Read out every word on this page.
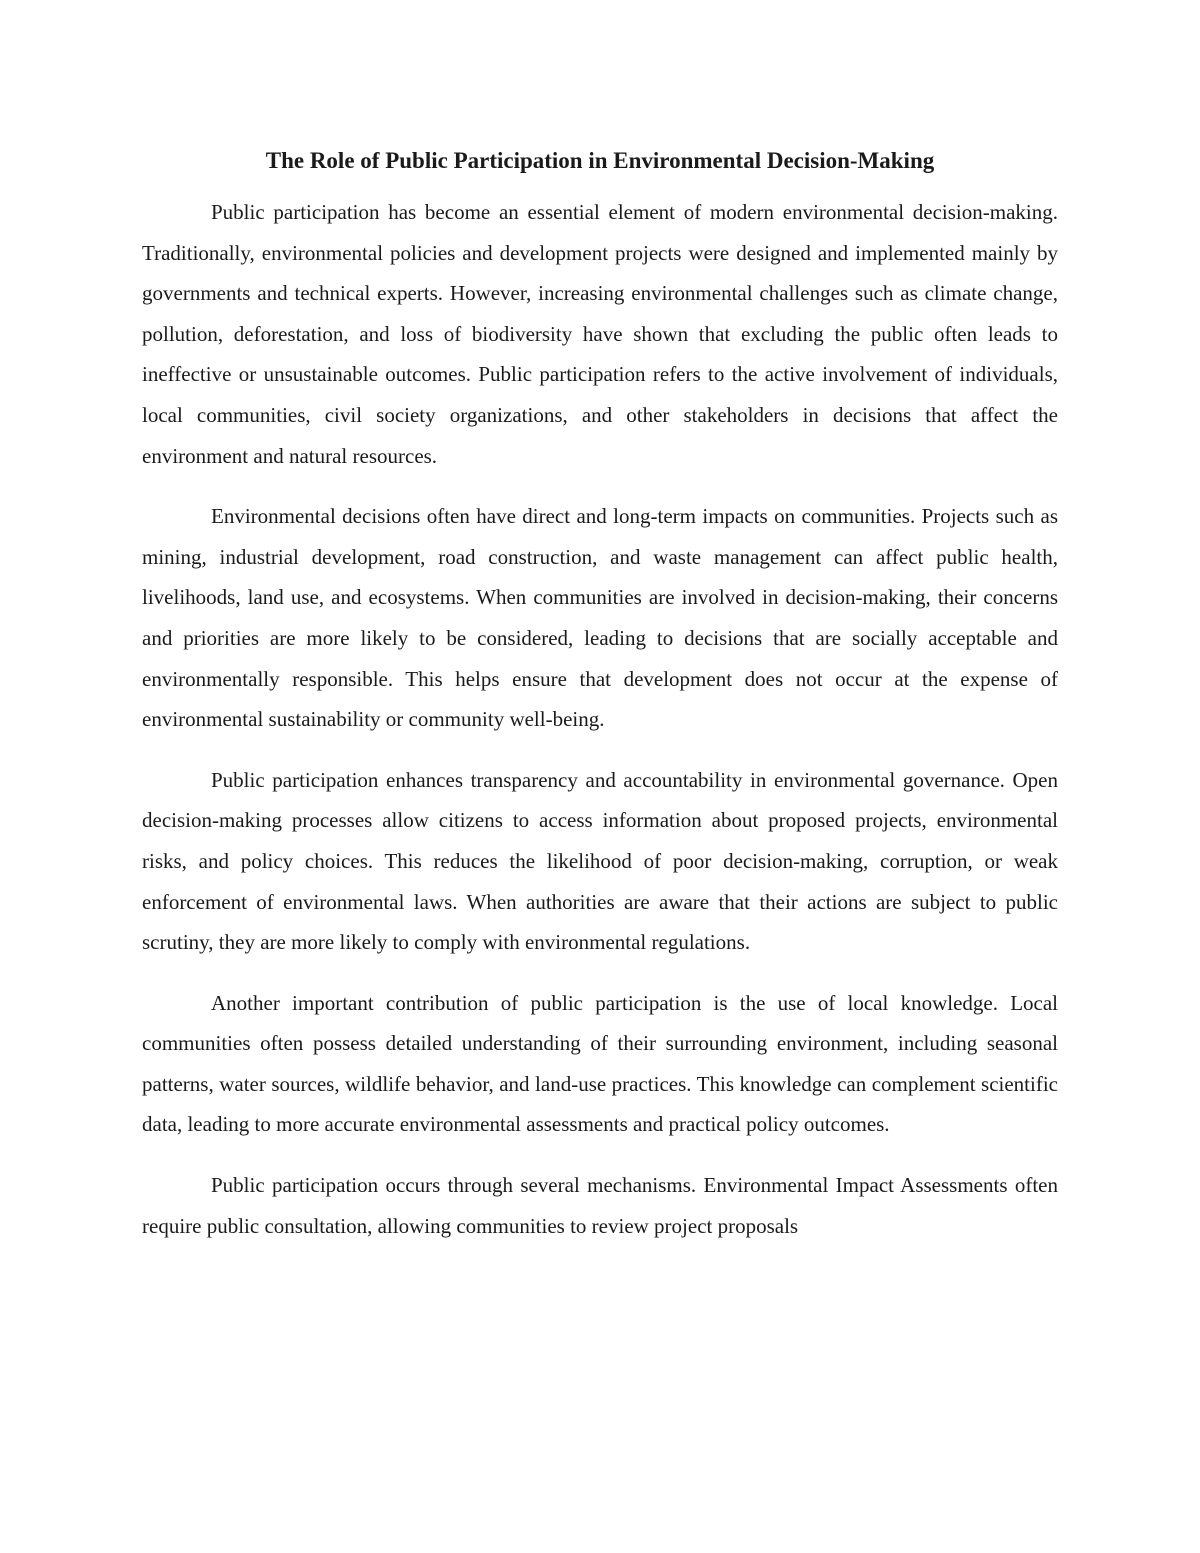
The Role of Public Participation in Environmental Decision-Making

Public participation has become an essential element of modern environmental decision-making. Traditionally, environmental policies and development projects were designed and implemented mainly by governments and technical experts. However, increasing environmental challenges such as climate change, pollution, deforestation, and loss of biodiversity have shown that excluding the public often leads to ineffective or unsustainable outcomes. Public participation refers to the active involvement of individuals, local communities, civil society organizations, and other stakeholders in decisions that affect the environment and natural resources.

Environmental decisions often have direct and long-term impacts on communities. Projects such as mining, industrial development, road construction, and waste management can affect public health, livelihoods, land use, and ecosystems. When communities are involved in decision-making, their concerns and priorities are more likely to be considered, leading to decisions that are socially acceptable and environmentally responsible. This helps ensure that development does not occur at the expense of environmental sustainability or community well-being.

Public participation enhances transparency and accountability in environmental governance. Open decision-making processes allow citizens to access information about proposed projects, environmental risks, and policy choices. This reduces the likelihood of poor decision-making, corruption, or weak enforcement of environmental laws. When authorities are aware that their actions are subject to public scrutiny, they are more likely to comply with environmental regulations.

Another important contribution of public participation is the use of local knowledge. Local communities often possess detailed understanding of their surrounding environment, including seasonal patterns, water sources, wildlife behavior, and land-use practices. This knowledge can complement scientific data, leading to more accurate environmental assessments and practical policy outcomes.

Public participation occurs through several mechanisms. Environmental Impact Assessments often require public consultation, allowing communities to review project proposals
